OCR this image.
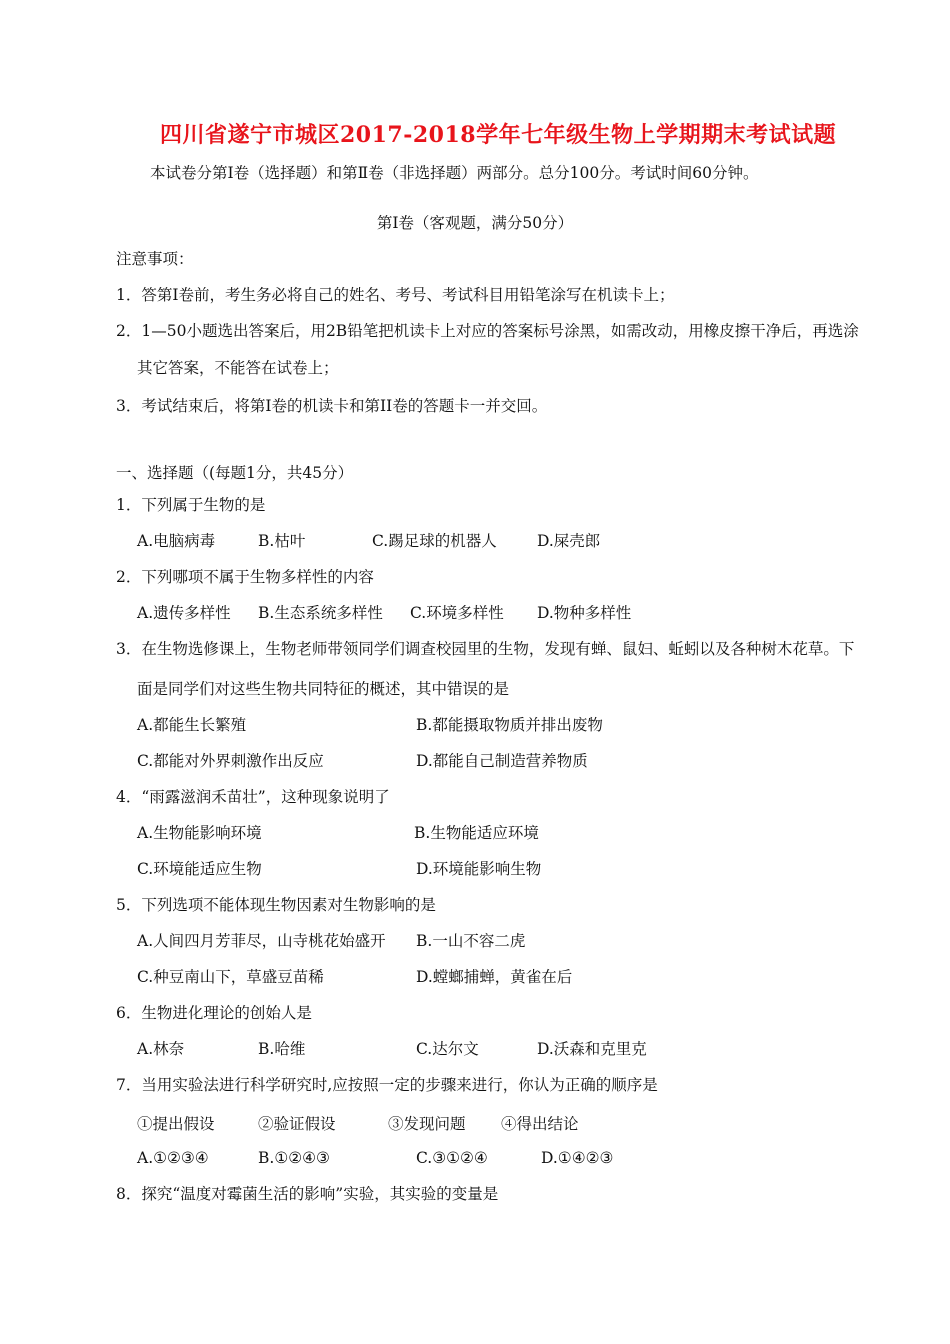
四川省遂宁市城区2017-2018学年七年级生物上学期期末考试试题
本试卷分第Ⅰ卷（选择题）和第Ⅱ卷（非选择题）两部分。总分100分。考试时间60分钟。
第Ⅰ卷（客观题，满分50分）
注意事项：
1．答第Ⅰ卷前，考生务必将自己的姓名、考号、考试科目用铅笔涂写在机读卡上；
2．1—50小题选出答案后，用2B铅笔把机读卡上对应的答案标号涂黑，如需改动，用橡皮擦干净后，再选涂
其它答案，不能答在试卷上；
3．考试结束后，将第Ⅰ卷的机读卡和第II卷的答题卡一并交回。
一、选择题（(每题1分，共45分）
1．下列属于生物的是
A.电脑病毒	B.枯叶	C.踢足球的机器人	D.屎壳郎
2．下列哪项不属于生物多样性的内容
A.遗传多样性 B.生态系统多样性 C.环境多样性 D.物种多样性
3．在生物选修课上，生物老师带领同学们调查校园里的生物，发现有蝉、鼠妇、蚯蚓以及各种树木花草。下
面是同学们对这些生物共同特征的概述，其中错误的是
A.都能生长繁殖	B.都能摄取物质并排出废物
C.都能对外界刺激作出反应	D.都能自己制造营养物质
4．“雨露滋润禾苗壮”，这种现象说明了
A.生物能影响环境	B.生物能适应环境
C.环境能适应生物	D.环境能影响生物
5．下列选项不能体现生物因素对生物影响的是
A.人间四月芳菲尽，山寺桃花始盛开 B.一山不容二虎
C.种豆南山下，草盛豆苗稀	D.螳螂捕蝉，黄雀在后
6．生物进化理论的创始人是
A.林奈	B.哈维	C.达尔文	D.沃森和克里克
7．当用实验法进行科学研究时,应按照一定的步骤来进行，你认为正确的顺序是
①提出假设	②验证假设	③发现问题 ④得出结论
A.①②③④	B.①②④③	C.③①②④	D.①④②③
8．探究“温度对霉菌生活的影响”实验，其实验的变量是
